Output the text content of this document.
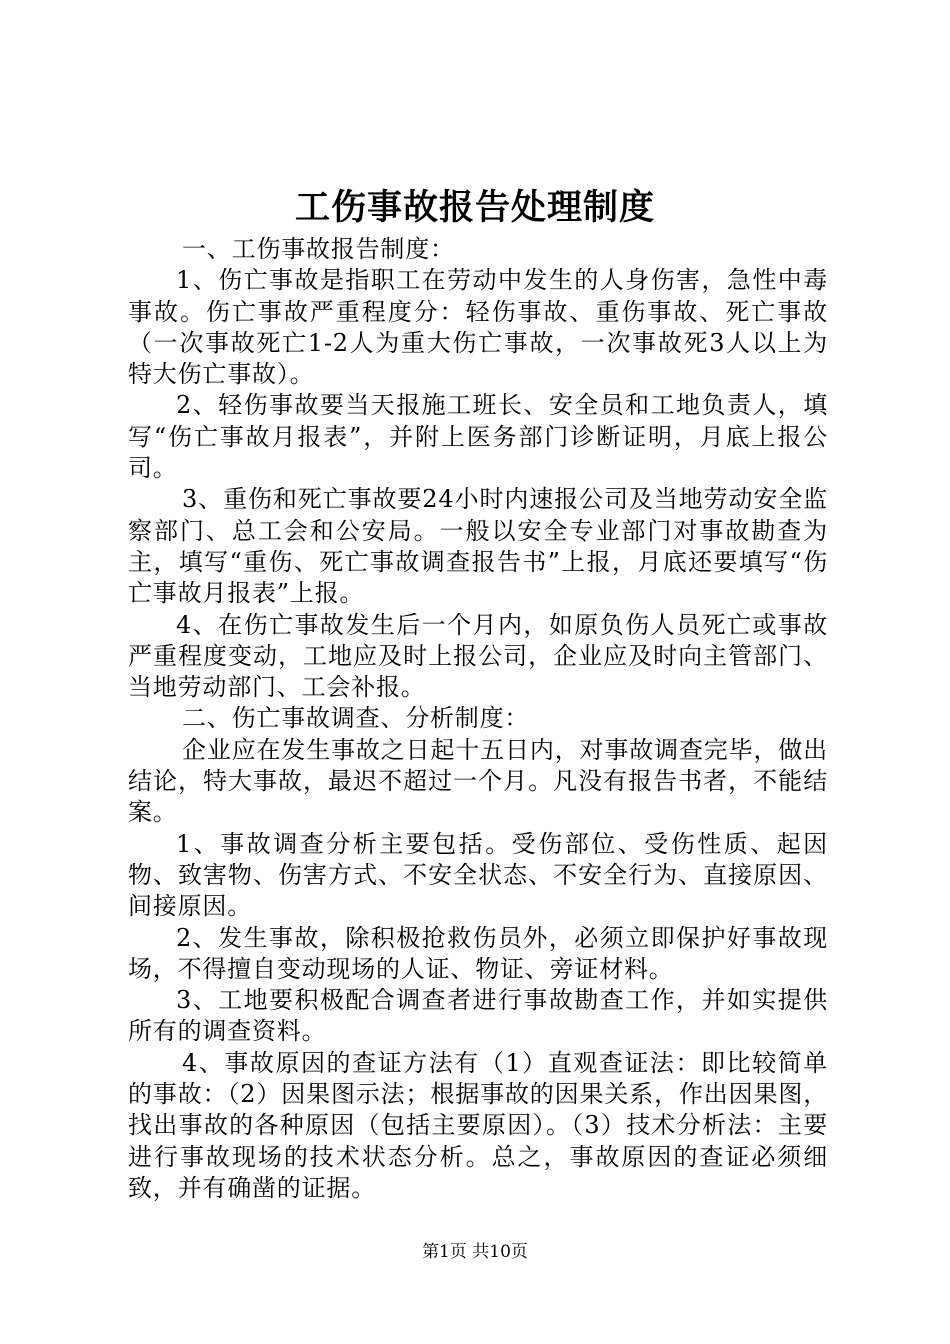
工伤事故报告处理制度

一、工伤事故报告制度：

1、伤亡事故是指职工在劳动中发生的人身伤害，急性中毒事故。伤亡事故严重程度分：轻伤事故、重伤事故、死亡事故（一次事故死亡1-2人为重大伤亡事故，一次事故死3人以上为特大伤亡事故）。

2、轻伤事故要当天报施工班长、安全员和工地负责人，填写“伤亡事故月报表”，并附上医务部门诊断证明，月底上报公司。

3、重伤和死亡事故要24小时内速报公司及当地劳动安全监察部门、总工会和公安局。一般以安全专业部门对事故勘查为主，填写“重伤、死亡事故调查报告书”上报，月底还要填写“伤亡事故月报表”上报。

4、在伤亡事故发生后一个月内，如原负伤人员死亡或事故严重程度变动，工地应及时上报公司，企业应及时向主管部门、当地劳动部门、工会补报。

二、伤亡事故调查、分析制度：

企业应在发生事故之日起十五日内，对事故调查完毕，做出结论，特大事故，最迟不超过一个月。凡没有报告书者，不能结案。

1、事故调查分析主要包括。受伤部位、受伤性质、起因物、致害物、伤害方式、不安全状态、不安全行为、直接原因、间接原因。

2、发生事故，除积极抢救伤员外，必须立即保护好事故现场，不得擅自变动现场的人证、物证、旁证材料。

3、工地要积极配合调查者进行事故勘查工作，并如实提供所有的调查资料。

4、事故原因的查证方法有（1）直观查证法：即比较简单的事故：（2）因果图示法；根据事故的因果关系，作出因果图，找出事故的各种原因（包括主要原因）。（3）技术分析法：主要进行事故现场的技术状态分析。总之，事故原因的查证必须细致，并有确凿的证据。

第1页 共10页
